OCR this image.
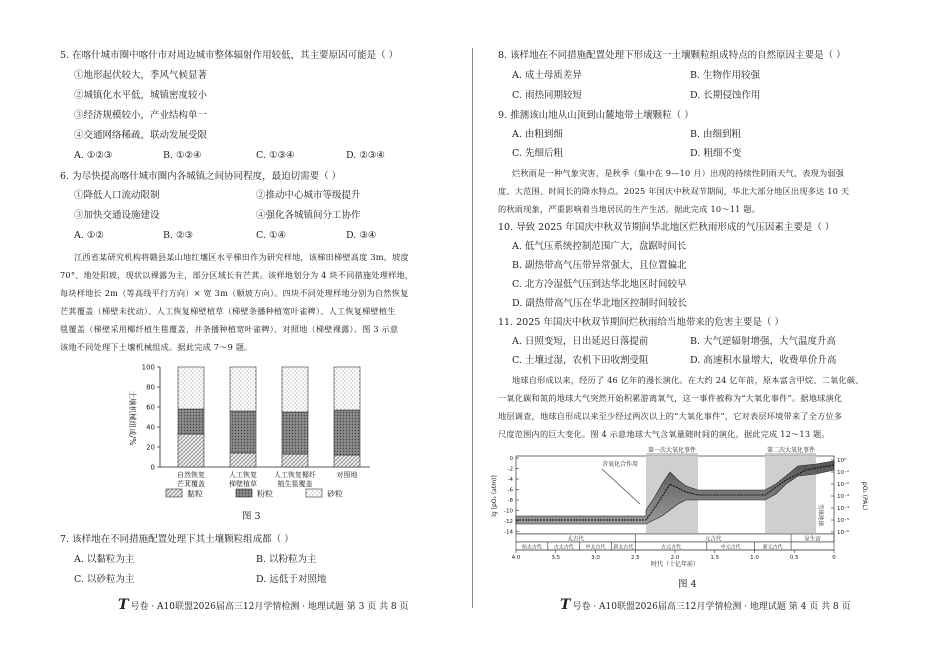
5. 在喀什城市圈中喀什市对周边城市整体辐射作用较低，其主要原因可能是（ ）
①地形起伏较大，季风气候显著
②城镇化水平低，城镇密度较小
③经济规模较小，产业结构单一
④交通网络稀疏，联动发展受限
A. ①②③	B. ①②④	C. ①③④	D. ②③④
6. 为尽快提高喀什城市圈内各城镇之间协同程度，最迫切需要（ ）
①降低人口流动限制	②推动中心城市等级提升
③加快交通设施建设	④强化各城镇间分工协作
A. ①②	B. ②③	C. ①④	D. ③④
江西省某研究机构将赣县某山地红壤区水平梯田作为研究样地，该梯田梯壁高度 3m，坡度
70°、地处阳坡，现状以裸露为主，部分区域长有芒萁。该样地划分为 4 块不同措施处理样地，
每块样地长 2m（等高线平行方向）× 宽 3m（顺坡方向）。四块不同处理样地分别为自然恢复
芒萁覆盖（梯壁未扰动）、人工恢复梯壁植草（梯壁条播种植宽叶雀稗）、人工恢复梯壁植生
毯覆盖（梯壁采用椰纤植生毯覆盖，并条播种植宽叶雀稗）、对照地（梯壁裸露）。图 3 示意
该地不同处理下土壤机械组成。据此完成 7～9 题。
土壤机械组成/%
0
20
40
60
80
100
自然恢复
芒萁覆盖
人工恢复
梯壁植草
人工恢复椰纤
植生毯覆盖
对照地
黏粒	粉粒	砂粒
图 3
7. 该样地在不同措施配置处理下其土壤颗粒组成都（ ）
A. 以黏粒为主	B. 以粉粒为主
C. 以砂粒为主	D. 远低于对照地
T号卷 · A10联盟2026届高三12月学情检测 · 地理试题 第 3 页 共 8 页
8. 该样地在不同措施配置处理下形成这一土壤颗粒组成特点的自然原因主要是（ ）
A. 成土母质差异	B. 生物作用较强
C. 雨热同期较短	D. 长期侵蚀作用
9. 推测该山地从山顶到山麓地带土壤颗粒（ ）
A. 由粗到细	B. 由细到粗
C. 先细后粗	D. 粗细不变
烂秋雨是一种气象灾害，是秋季（集中在 9—10 月）出现的持续性阴雨天气，表现为弱强
度、大范围、时间长的降水特点。2025 年国庆中秋双节期间，华北大部分地区出现多达 10 天
的秋雨现象，严重影响着当地居民的生产生活。据此完成 10～11 题。
10. 导致 2025 年国庆中秋双节期间华北地区烂秋雨形成的气压因素主要是（ ）
A. 低气压系统控制范围广大，盘踞时间长
B. 副热带高气压带异常强大，且位置偏北
C. 北方冷湿低气压到达华北地区时间较早
D. 副热带高气压在华北地区控制时间较长
11. 2025 年国庆中秋双节期间烂秋雨给当地带来的危害主要是（ ）
A. 日照变短，日出延迟日落提前	B. 大气逆辐射增强，大气温度升高
C. 土壤过湿，农机下田收割受阻	D. 高速积水量增大，收费单价升高
地球自形成以来，经历了 46 亿年的漫长演化。在大约 24 亿年前，原本富含甲烷、二氧化碳、
一氧化碳和氮的地球大气突然开始积累游离氧气，这一事件被称为“大氧化事件”。据地球演化
地层调查，地球自形成以来至少经过两次以上的“大氧化事件”，它对表层环境带来了全方位多
尺度范围内的巨大变化。图 4 示意地球大气含氧量随时间的演化。据此完成 12～13 题。
第一次大氧化事件	第二次大氧化事件
雪球地球
含氧化合作用
lg [pO₂ (atm)]	pO₂ (PAL)
0
-2
-4
-6
-8
-10
-12
-14
10⁰
10⁻¹
10⁻²
10⁻³
10⁻⁴
10⁻⁵
10⁻⁶
太古代	元古代	显生宙
始太古代 古太古代 中太古代 新太古代	古元古代	中元古代	新元古代
4.0	3.5	3.0	2.5	2.0	1.5	1.0	0.5	0
时代（十亿年前）
图 4
T号卷 · A10联盟2026届高三12月学情检测 · 地理试题 第 4 页 共 8 页
